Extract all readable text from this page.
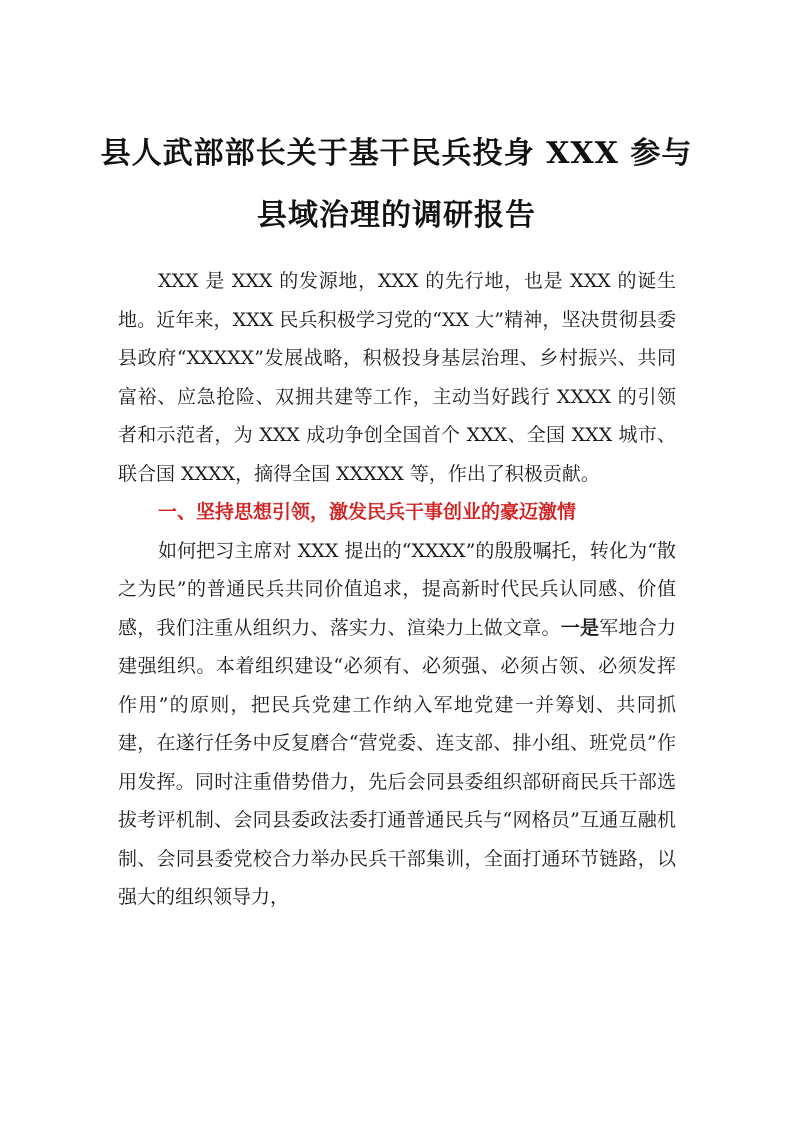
县人武部部长关于基干民兵投身 XXX 参与
县域治理的调研报告

XXX 是 XXX 的发源地，XXX 的先行地，也是 XXX 的诞生地。近年来，XXX 民兵积极学习党的“XX 大”精神，坚决贯彻县委县政府“XXXXX”发展战略，积极投身基层治理、乡村振兴、共同富裕、应急抢险、双拥共建等工作，主动当好践行 XXXX 的引领者和示范者，为 XXX 成功争创全国首个 XXX、全国 XXX 城市、联合国 XXXX，摘得全国 XXXXX 等，作出了积极贡献。

一、坚持思想引领，激发民兵干事创业的豪迈激情

如何把习主席对 XXX 提出的“XXXX”的殷殷嘱托，转化为“散之为民”的普通民兵共同价值追求，提高新时代民兵认同感、价值感，我们注重从组织力、落实力、渲染力上做文章。一是军地合力建强组织。本着组织建设“必须有、必须强、必须占领、必须发挥作用”的原则，把民兵党建工作纳入军地党建一并筹划、共同抓建，在遂行任务中反复磨合“营党委、连支部、排小组、班党员”作用发挥。同时注重借势借力，先后会同县委组织部研商民兵干部选拔考评机制、会同县委政法委打通普通民兵与“网格员”互通互融机制、会同县委党校合力举办民兵干部集训，全面打通环节链路，以强大的组织领导力，
